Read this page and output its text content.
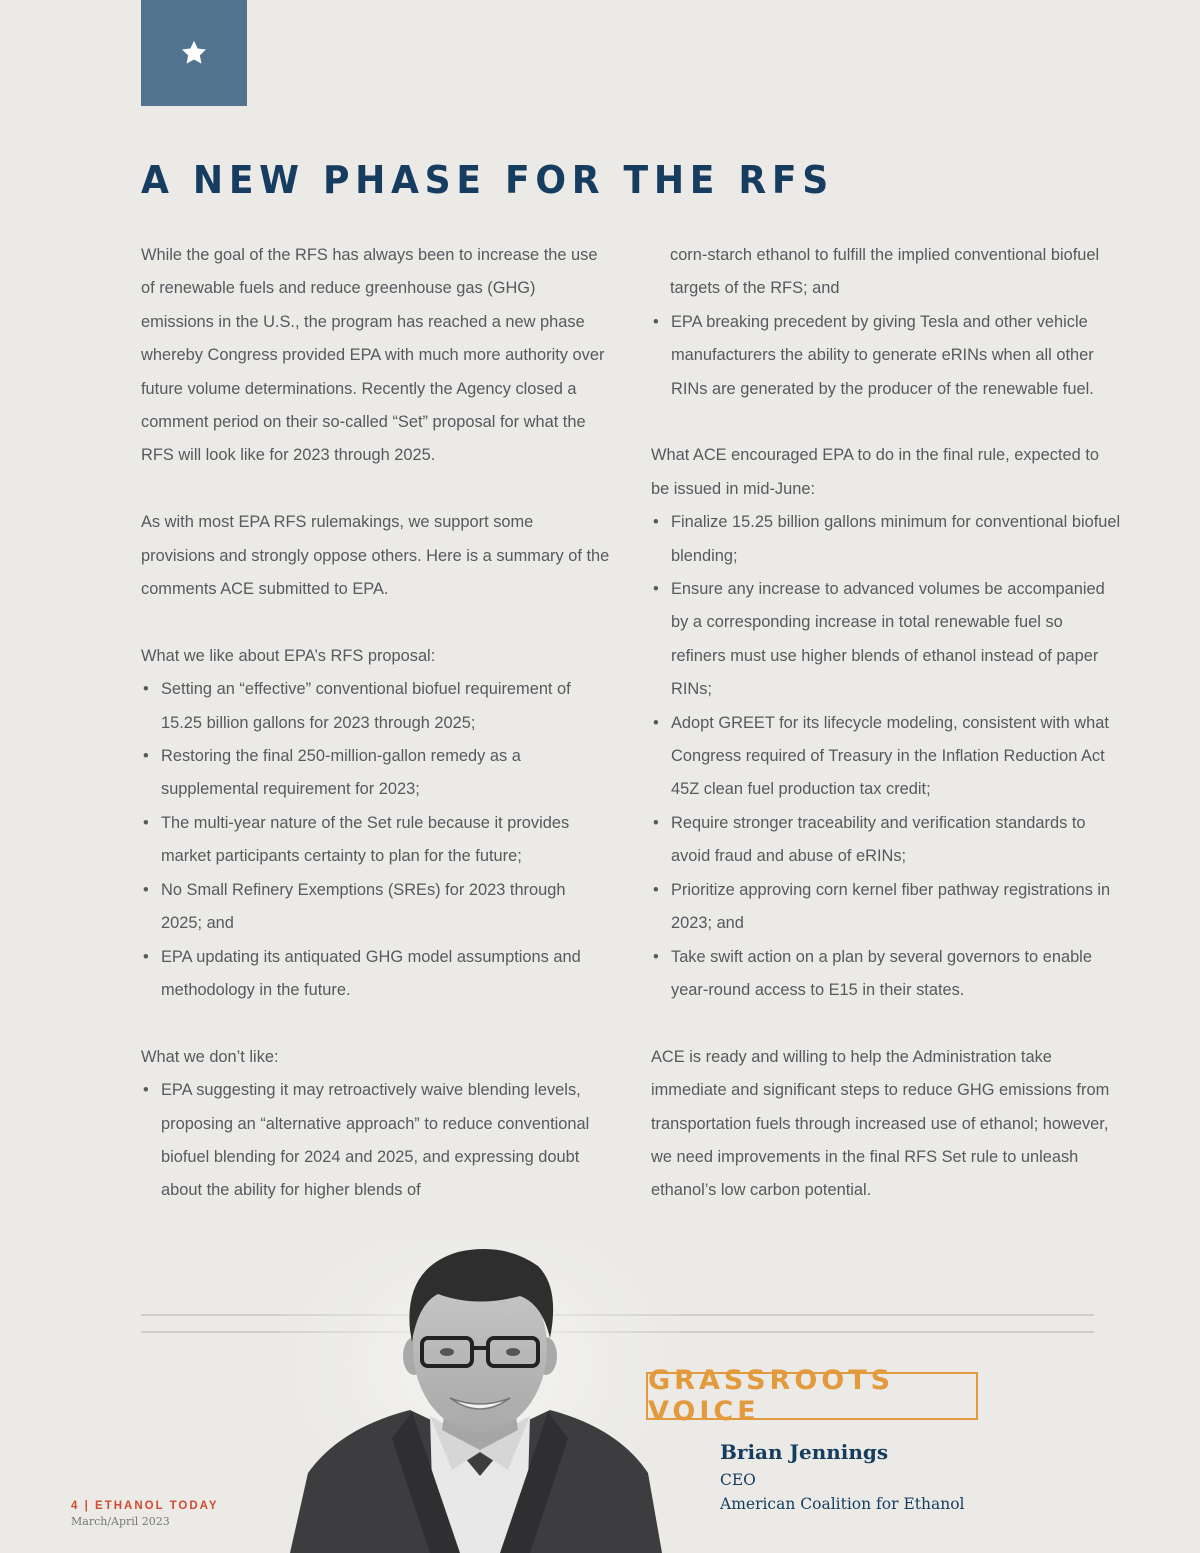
A NEW PHASE FOR THE RFS

While the goal of the RFS has always been to increase the use of renewable fuels and reduce greenhouse gas (GHG) emissions in the U.S., the program has reached a new phase whereby Congress provided EPA with much more authority over future volume determinations. Recently the Agency closed a comment period on their so-called “Set” proposal for what the RFS will look like for 2023 through 2025.

As with most EPA RFS rulemakings, we support some provisions and strongly oppose others. Here is a summary of the comments ACE submitted to EPA.

What we like about EPA’s RFS proposal:

• Setting an “effective” conventional biofuel requirement of 15.25 billion gallons for 2023 through 2025;
• Restoring the final 250-million-gallon remedy as a supplemental requirement for 2023;
• The multi-year nature of the Set rule because it provides market participants certainty to plan for the future;
• No Small Refinery Exemptions (SREs) for 2023 through 2025; and
• EPA updating its antiquated GHG model assumptions and methodology in the future.

What we don’t like:

• EPA suggesting it may retroactively waive blending levels, proposing an “alternative approach” to reduce conventional biofuel blending for 2024 and 2025, and expressing doubt about the ability for higher blends of

corn-starch ethanol to fulfill the implied conventional biofuel targets of the RFS; and

• EPA breaking precedent by giving Tesla and other vehicle manufacturers the ability to generate eRINs when all other RINs are generated by the producer of the renewable fuel.

What ACE encouraged EPA to do in the final rule, expected to be issued in mid-June:

• Finalize 15.25 billion gallons minimum for conventional biofuel blending;
• Ensure any increase to advanced volumes be accompanied by a corresponding increase in total renewable fuel so refiners must use higher blends of ethanol instead of paper RINs;
• Adopt GREET for its lifecycle modeling, consistent with what Congress required of Treasury in the Inflation Reduction Act 45Z clean fuel production tax credit;
• Require stronger traceability and verification standards to avoid fraud and abuse of eRINs;
• Prioritize approving corn kernel fiber pathway registrations in 2023; and
• Take swift action on a plan by several governors to enable year-round access to E15 in their states.

ACE is ready and willing to help the Administration take immediate and significant steps to reduce GHG emissions from transportation fuels through increased use of ethanol; however, we need improvements in the final RFS Set rule to unleash ethanol’s low carbon potential.

GRASSROOTS VOICE
Brian Jennings
CEO
American Coalition for Ethanol
4 | ETHANOL TODAY
March/April 2023
